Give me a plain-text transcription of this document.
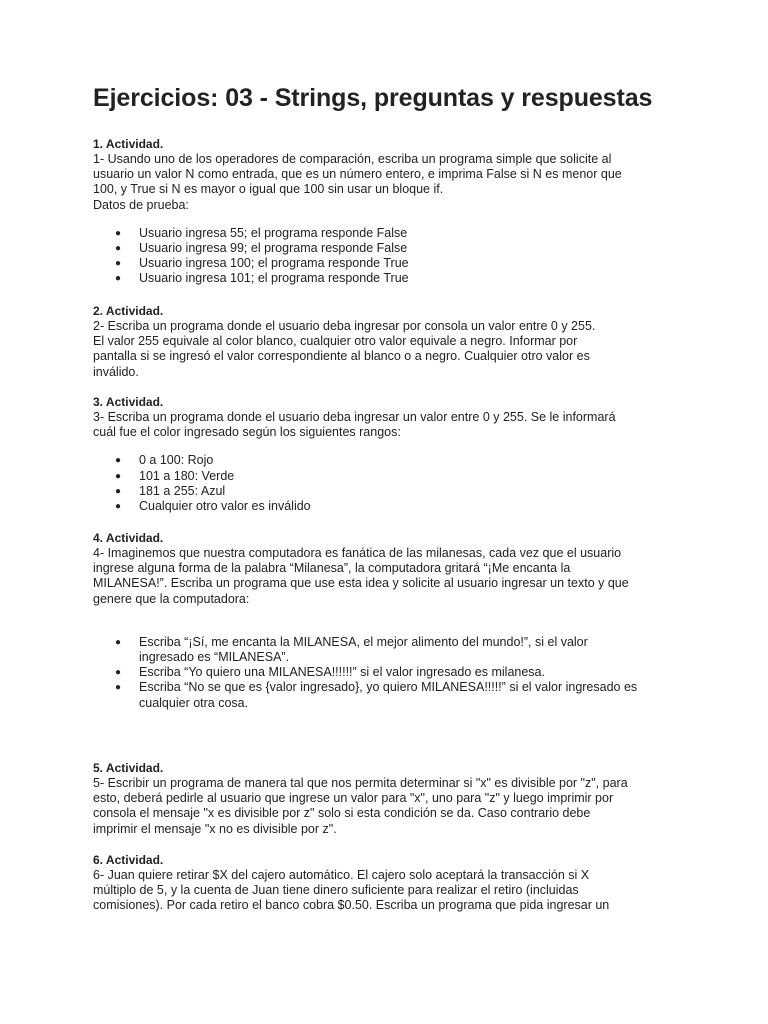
Ejercicios: 03 - Strings, preguntas y respuestas
1. Actividad.
1- Usando uno de los operadores de comparación, escriba un programa simple que solicite al
usuario un valor N como entrada, que es un número entero, e imprima False si N es menor que
100, y True si N es mayor o igual que 100 sin usar un bloque if.
Datos de prueba:
● Usuario ingresa 55; el programa responde False
● Usuario ingresa 99; el programa responde False
● Usuario ingresa 100; el programa responde True
● Usuario ingresa 101; el programa responde True
2. Actividad.
2- Escriba un programa donde el usuario deba ingresar por consola un valor entre 0 y 255.
El valor 255 equivale al color blanco, cualquier otro valor equivale a negro. Informar por
pantalla si se ingresó el valor correspondiente al blanco o a negro. Cualquier otro valor es
inválido.
3. Actividad.
3- Escriba un programa donde el usuario deba ingresar un valor entre 0 y 255. Se le informará
cuál fue el color ingresado según los siguientes rangos:
● 0 a 100: Rojo
● 101 a 180: Verde
● 181 a 255: Azul
● Cualquier otro valor es inválido
4. Actividad.
4- Imaginemos que nuestra computadora es fanática de las milanesas, cada vez que el usuario
ingrese alguna forma de la palabra “Milanesa”, la computadora gritará “¡Me encanta la
MILANESA!”. Escriba un programa que use esta idea y solicite al usuario ingresar un texto y que
genere que la computadora:
● Escriba “¡Sí, me encanta la MILANESA, el mejor alimento del mundo!”, si el valor
ingresado es “MILANESA”.
● Escriba “Yo quiero una MILANESA!!!!!!” si el valor ingresado es milanesa.
● Escriba “No se que es {valor ingresado}, yo quiero MILANESA!!!!!” si el valor ingresado es
cualquier otra cosa.
5. Actividad.
5- Escribir un programa de manera tal que nos permita determinar si "x" es divisible por "z", para
esto, deberá pedirle al usuario que ingrese un valor para "x", uno para "z" y luego imprimir por
consola el mensaje "x es divisible por z" solo si esta condición se da. Caso contrario debe
imprimir el mensaje "x no es divisible por z".
6. Actividad.
6- Juan quiere retirar $X del cajero automático. El cajero solo aceptará la transacción si X
múltiplo de 5, y la cuenta de Juan tiene dinero suficiente para realizar el retiro (incluidas
comisiones). Por cada retiro el banco cobra $0.50. Escriba un programa que pida ingresar un
